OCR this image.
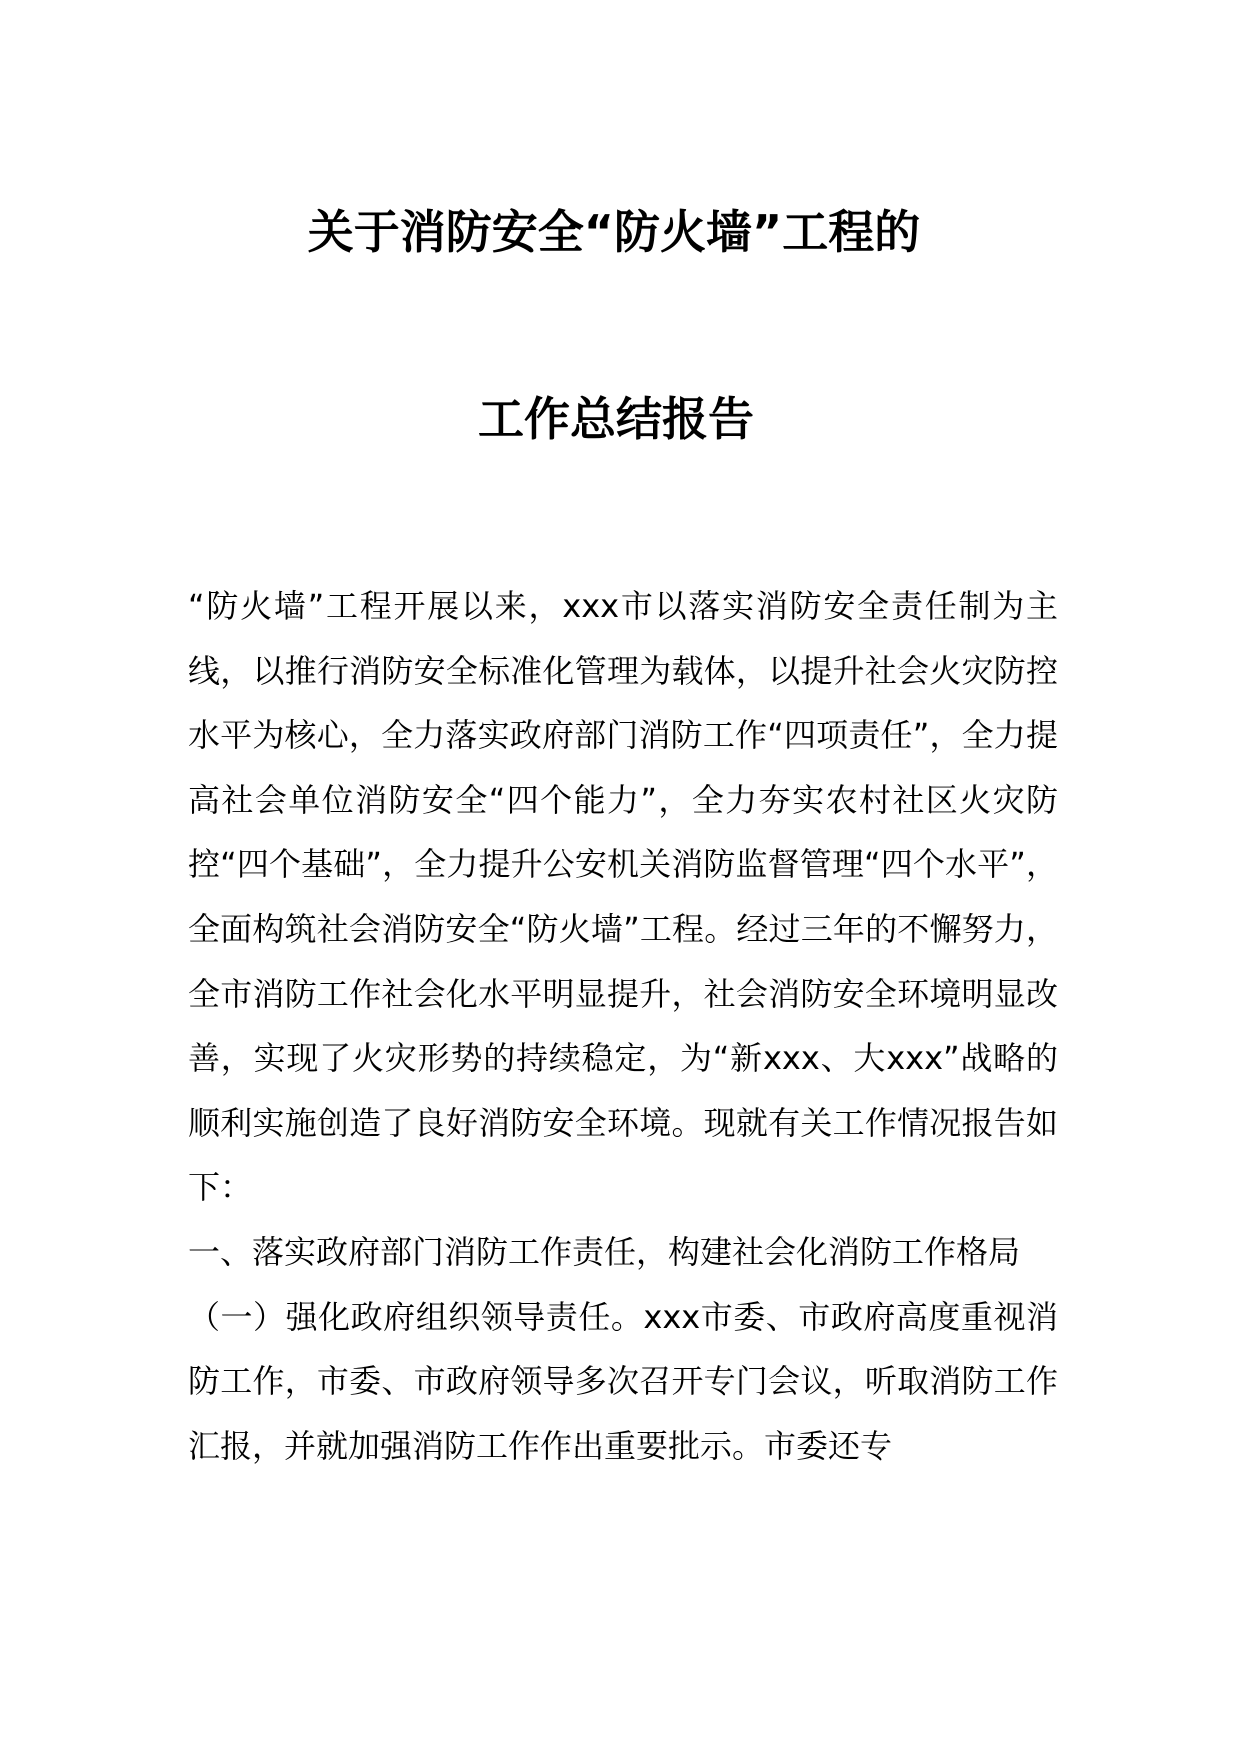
关于消防安全“防火墙”工程的
工作总结报告

“防火墙”工程开展以来，xxx市以落实消防安全责任制为主线，以推行消防安全标准化管理为载体，以提升社会火灾防控水平为核心，全力落实政府部门消防工作“四项责任”，全力提高社会单位消防安全“四个能力”，全力夯实农村社区火灾防控“四个基础”，全力提升公安机关消防监督管理“四个水平”，全面构筑社会消防安全“防火墙”工程。经过三年的不懈努力，全市消防工作社会化水平明显提升，社会消防安全环境明显改善，实现了火灾形势的持续稳定，为“新xxx、大xxx”战略的顺利实施创造了良好消防安全环境。现就有关工作情况报告如下：

一、落实政府部门消防工作责任，构建社会化消防工作格局

（一）强化政府组织领导责任。xxx市委、市政府高度重视消防工作，市委、市政府领导多次召开专门会议，听取消防工作汇报，并就加强消防工作作出重要批示。市委还专
